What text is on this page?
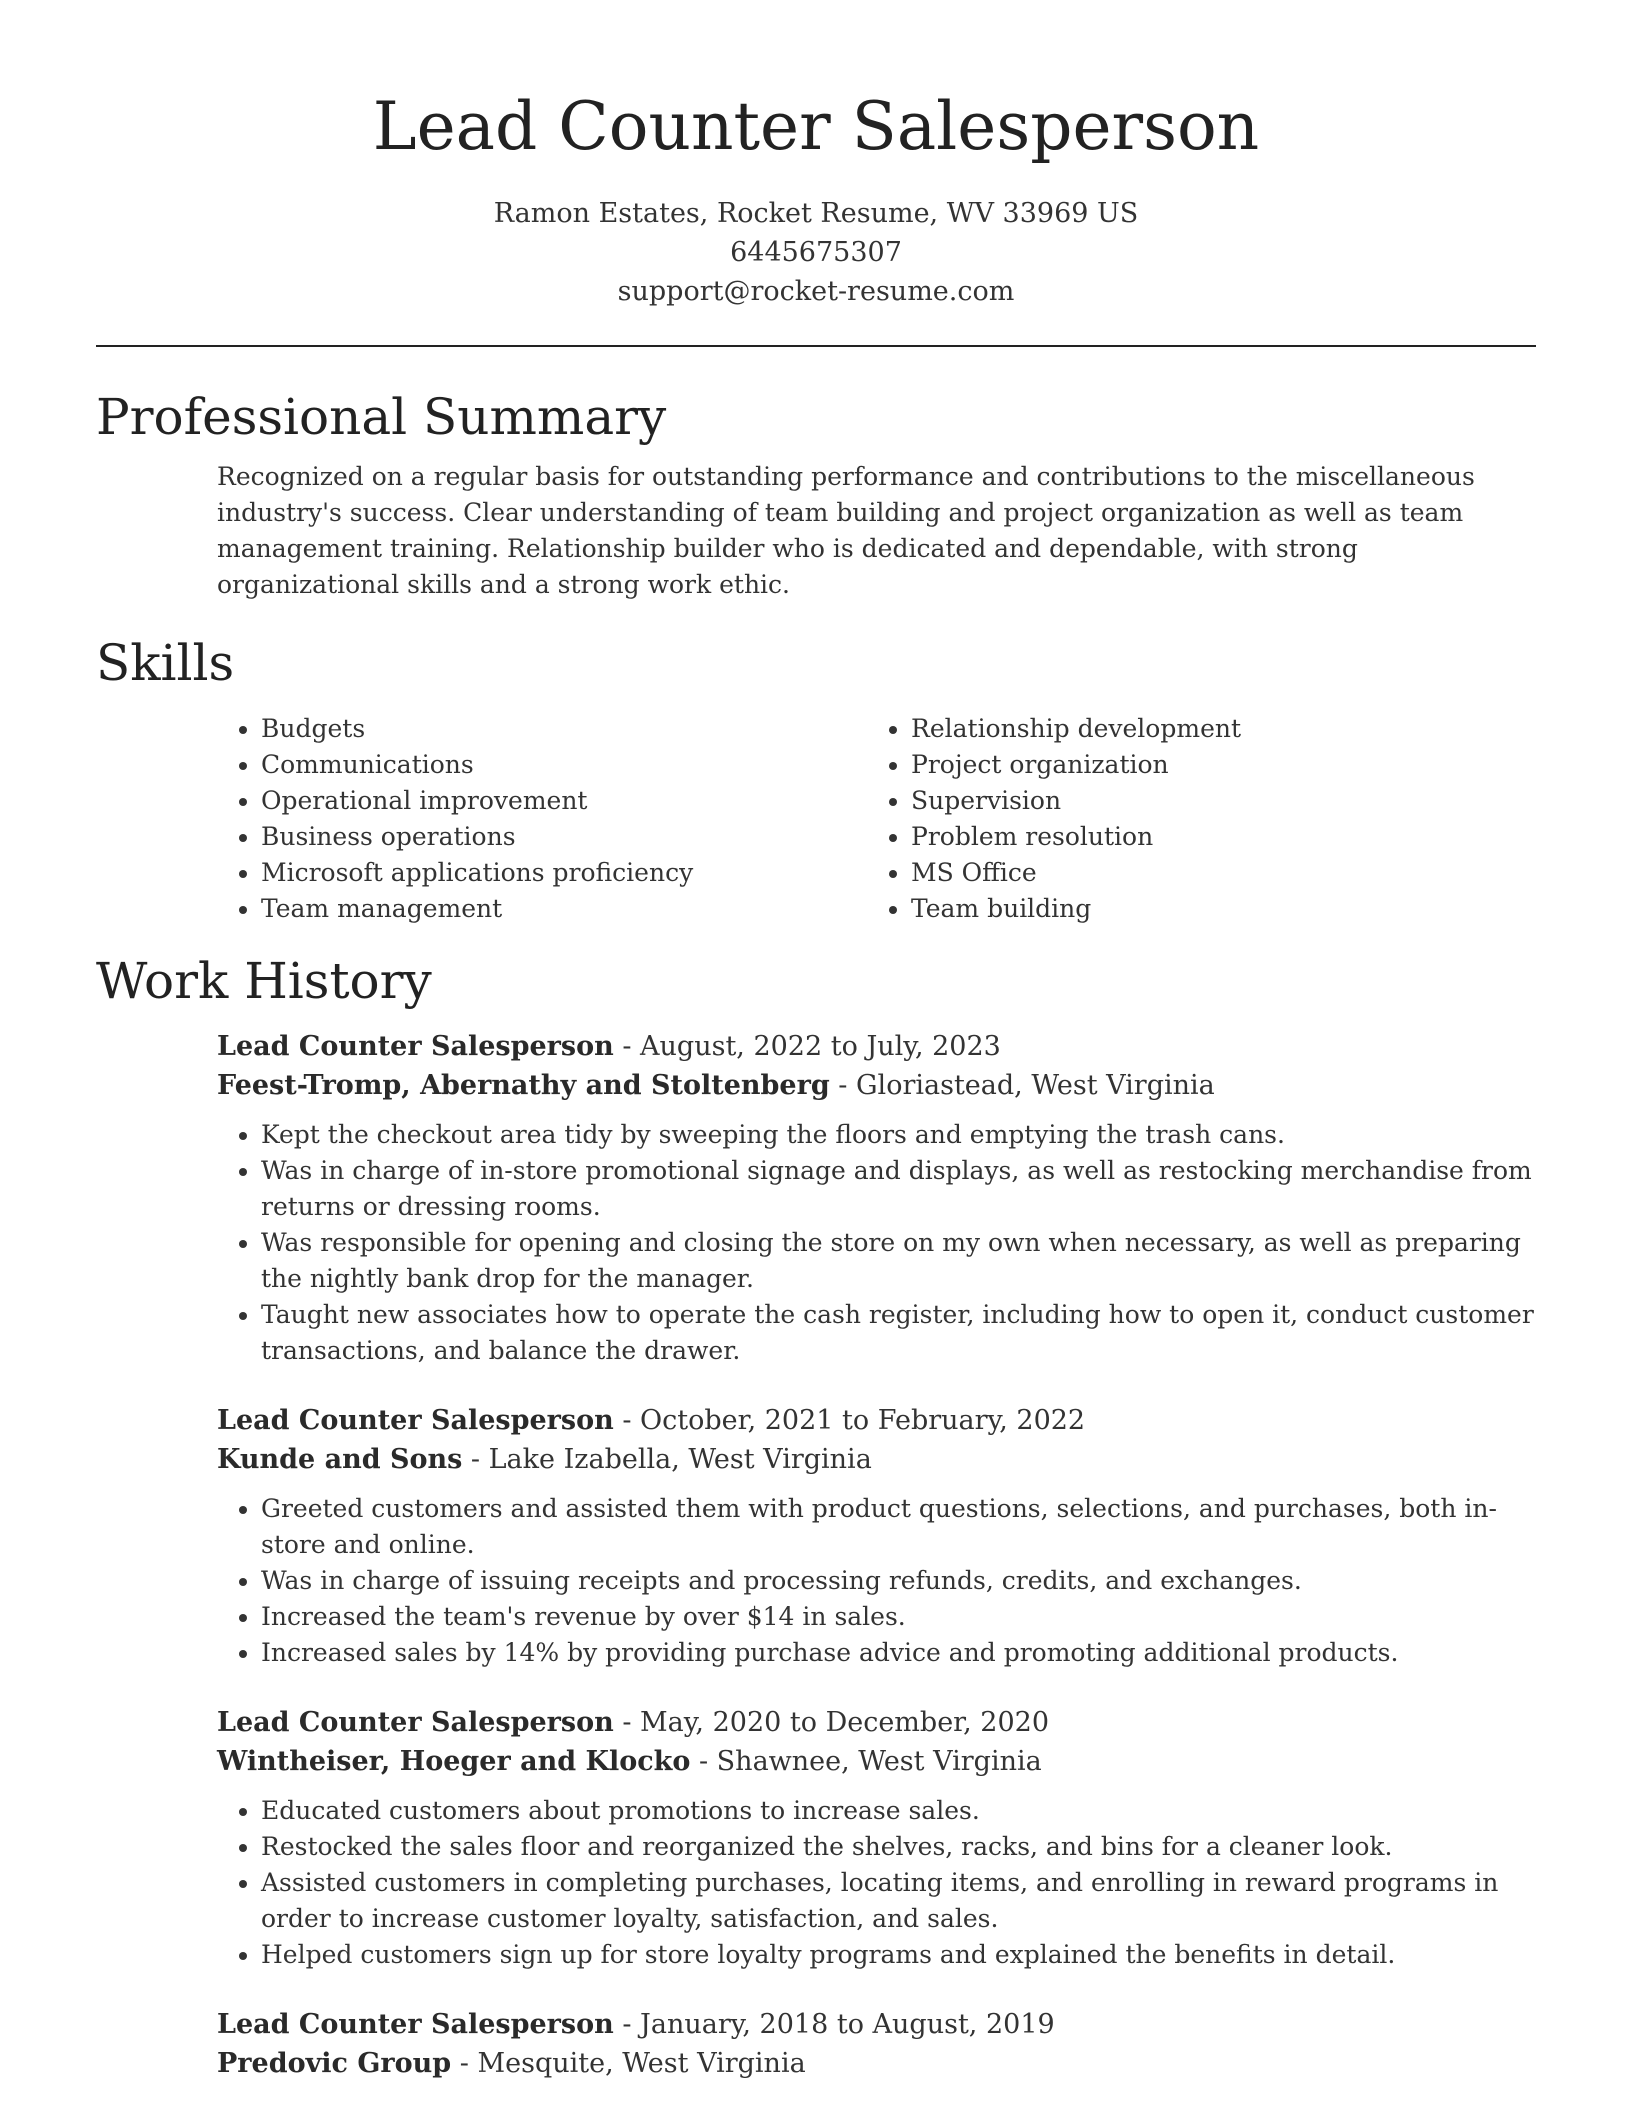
Lead Counter Salesperson
Ramon Estates, Rocket Resume, WV 33969 US
6445675307
support@rocket-resume.com
Professional Summary
Recognized on a regular basis for outstanding performance and contributions to the miscellaneous industry's success. Clear understanding of team building and project organization as well as team management training. Relationship builder who is dedicated and dependable, with strong organizational skills and a strong work ethic.
Skills
• Budgets
• Communications
• Operational improvement
• Business operations
• Microsoft applications proficiency
• Team management
• Relationship development
• Project organization
• Supervision
• Problem resolution
• MS Office
• Team building
Work History
Lead Counter Salesperson - August, 2022 to July, 2023
Feest-Tromp, Abernathy and Stoltenberg - Gloriastead, West Virginia
• Kept the checkout area tidy by sweeping the floors and emptying the trash cans.
• Was in charge of in-store promotional signage and displays, as well as restocking merchandise from returns or dressing rooms.
• Was responsible for opening and closing the store on my own when necessary, as well as preparing the nightly bank drop for the manager.
• Taught new associates how to operate the cash register, including how to open it, conduct customer transactions, and balance the drawer.
Lead Counter Salesperson - October, 2021 to February, 2022
Kunde and Sons - Lake Izabella, West Virginia
• Greeted customers and assisted them with product questions, selections, and purchases, both in-store and online.
• Was in charge of issuing receipts and processing refunds, credits, and exchanges.
• Increased the team's revenue by over $14 in sales.
• Increased sales by 14% by providing purchase advice and promoting additional products.
Lead Counter Salesperson - May, 2020 to December, 2020
Wintheiser, Hoeger and Klocko - Shawnee, West Virginia
• Educated customers about promotions to increase sales.
• Restocked the sales floor and reorganized the shelves, racks, and bins for a cleaner look.
• Assisted customers in completing purchases, locating items, and enrolling in reward programs in order to increase customer loyalty, satisfaction, and sales.
• Helped customers sign up for store loyalty programs and explained the benefits in detail.
Lead Counter Salesperson - January, 2018 to August, 2019
Predovic Group - Mesquite, West Virginia
